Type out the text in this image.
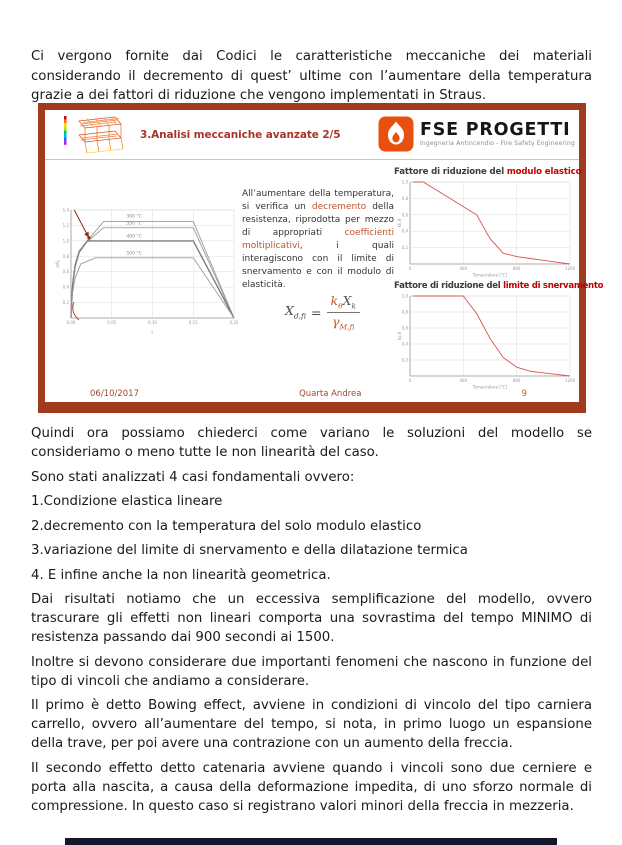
Ci vergono fornite dai Codici le caratteristiche meccaniche dei materiali considerando il decremento di quest’ ultime con l’aumentare della temperatura grazie a dei fattori di riduzione che vengono implementati in Straus.

3.Analisi meccaniche avanzate 2/5	FSE PROGETTI
Ingegneria Antincendio - Fire Safety Engineering
0,2
0,4
0,6
0,8
1,0
1,2
1,4
0,00	0,05	0,10	0,15	0,20
300 °C
350 °C
400 °C
500 °C
ε
σ/fy
All’aumentare della temperatura, si verifica un decremento della resistenza, riprodotta per mezzo di appropriati coefficienti moltiplicativi, i quali interagiscono con il limite di snervamento e con il modulo di elasticità.
$X_{d,fi} = \frac{k_\theta X_k}{\gamma_{M,fi}}$
Fattore di riduzione del modulo elastico
0,2
0,4
0,6
0,8
1,0
0	400	800	1200
Temperatura [°C]
kE,θ
Fattore di riduzione del limite di snervamento
0,2
0,4
0,6
0,8
1,0
0	400	800	1200
Temperatura [°C]
ky,θ
06/10/2017	Quarta Andrea	9

Quindi ora possiamo chiederci come variano le soluzioni del modello se consideriamo o meno tutte le non linearità del caso.

Sono stati analizzati 4 casi fondamentali ovvero:

1.Condizione elastica lineare

2.decremento con la temperatura del solo modulo elastico

3.variazione del limite di snervamento e della dilatazione termica

4. E infine anche la non linearità geometrica.

Dai risultati notiamo che un eccessiva semplificazione del modello, ovvero trascurare gli effetti non lineari comporta una sovrastima del tempo MINIMO di resistenza passando dai 900 secondi ai 1500.

Inoltre si devono considerare due importanti fenomeni che nascono in funzione del tipo di vincoli che andiamo a considerare.

Il primo è detto Bowing effect, avviene in condizioni di vincolo del tipo carniera carrello, ovvero all’aumentare del tempo, si nota, in primo luogo un espansione della trave, per poi avere una contrazione con un aumento della freccia.

Il secondo effetto detto catenaria avviene quando i vincoli sono due cerniere e porta alla nascita, a causa della deformazione impedita, di uno sforzo normale di compressione. In questo caso si registrano valori minori della freccia in mezzeria.
